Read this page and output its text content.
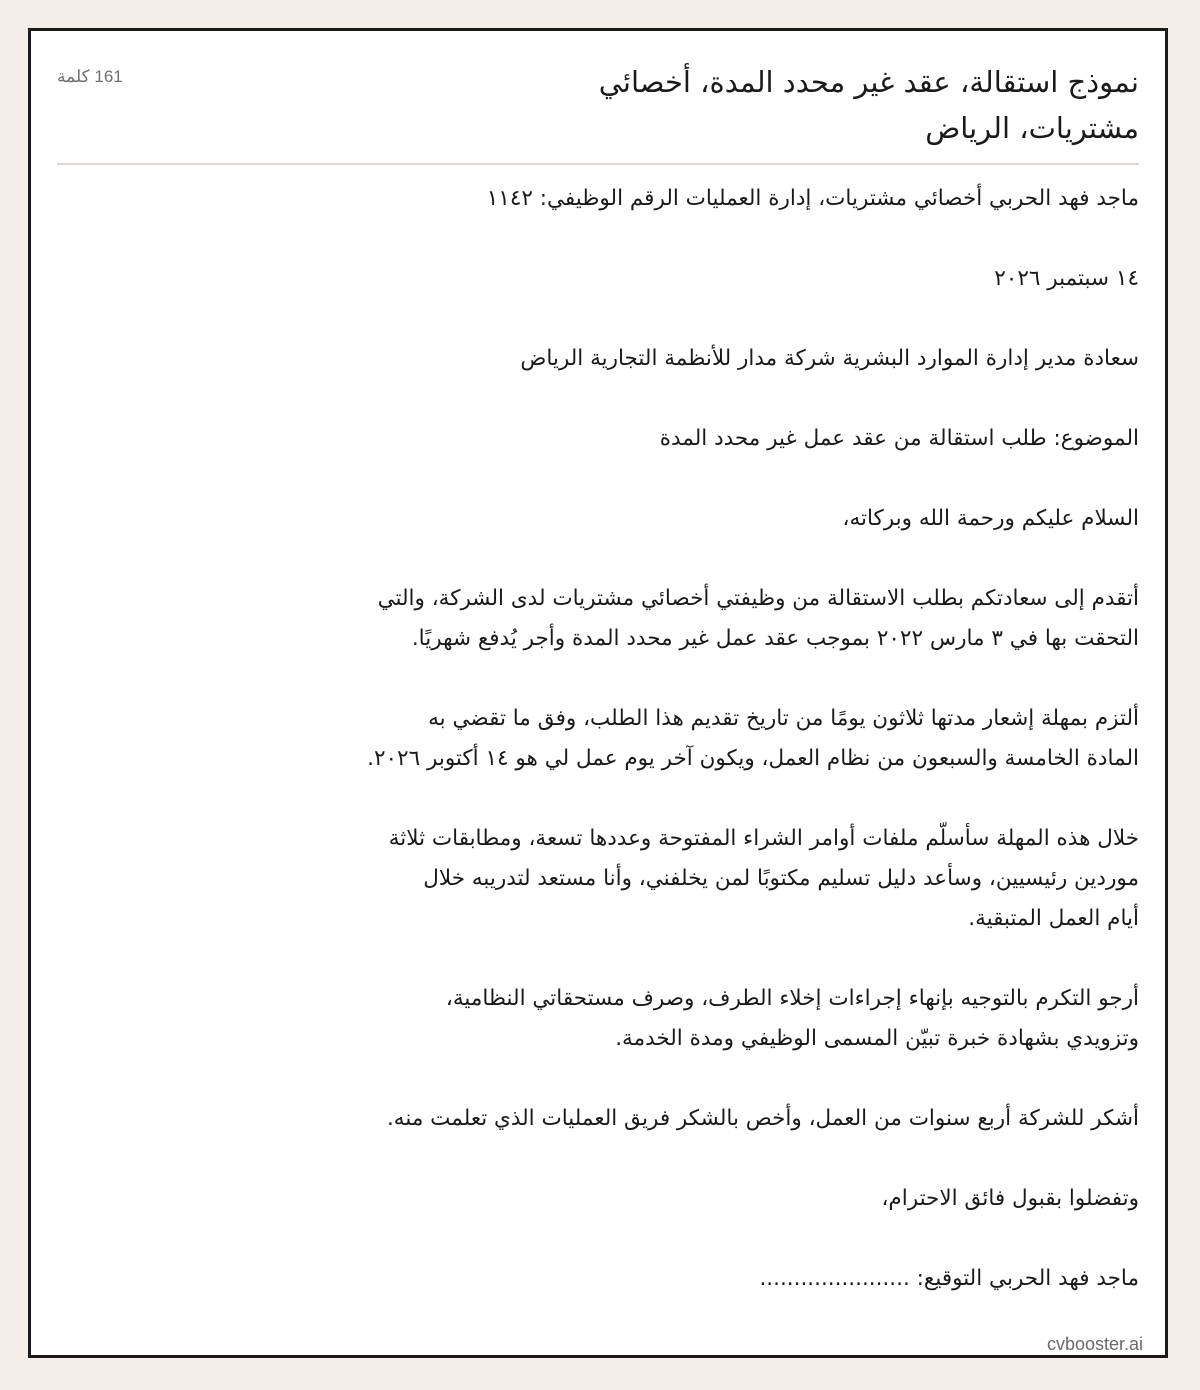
نموذج استقالة، عقد غير محدد المدة، أخصائي
مشتريات، الرياض
161 كلمة

ماجد فهد الحربي أخصائي مشتريات، إدارة العمليات الرقم الوظيفي: ١١٤٢

١٤ سبتمبر ٢٠٢٦

سعادة مدير إدارة الموارد البشرية شركة مدار للأنظمة التجارية الرياض

الموضوع: طلب استقالة من عقد عمل غير محدد المدة

السلام عليكم ورحمة الله وبركاته،

أتقدم إلى سعادتكم بطلب الاستقالة من وظيفتي أخصائي مشتريات لدى الشركة، والتي
التحقت بها في ٣ مارس ٢٠٢٢ بموجب عقد عمل غير محدد المدة وأجر يُدفع شهريًا.

ألتزم بمهلة إشعار مدتها ثلاثون يومًا من تاريخ تقديم هذا الطلب، وفق ما تقضي به
المادة الخامسة والسبعون من نظام العمل، ويكون آخر يوم عمل لي هو ١٤ أكتوبر ٢٠٢٦.

خلال هذه المهلة سأسلّم ملفات أوامر الشراء المفتوحة وعددها تسعة، ومطابقات ثلاثة
موردين رئيسيين، وسأعد دليل تسليم مكتوبًا لمن يخلفني، وأنا مستعد لتدريبه خلال
أيام العمل المتبقية.

أرجو التكرم بالتوجيه بإنهاء إجراءات إخلاء الطرف، وصرف مستحقاتي النظامية،
وتزويدي بشهادة خبرة تبيّن المسمى الوظيفي ومدة الخدمة.

أشكر للشركة أربع سنوات من العمل، وأخص بالشكر فريق العمليات الذي تعلمت منه.

وتفضلوا بقبول فائق الاحترام،

ماجد فهد الحربي التوقيع: ......................

cvbooster.ai
